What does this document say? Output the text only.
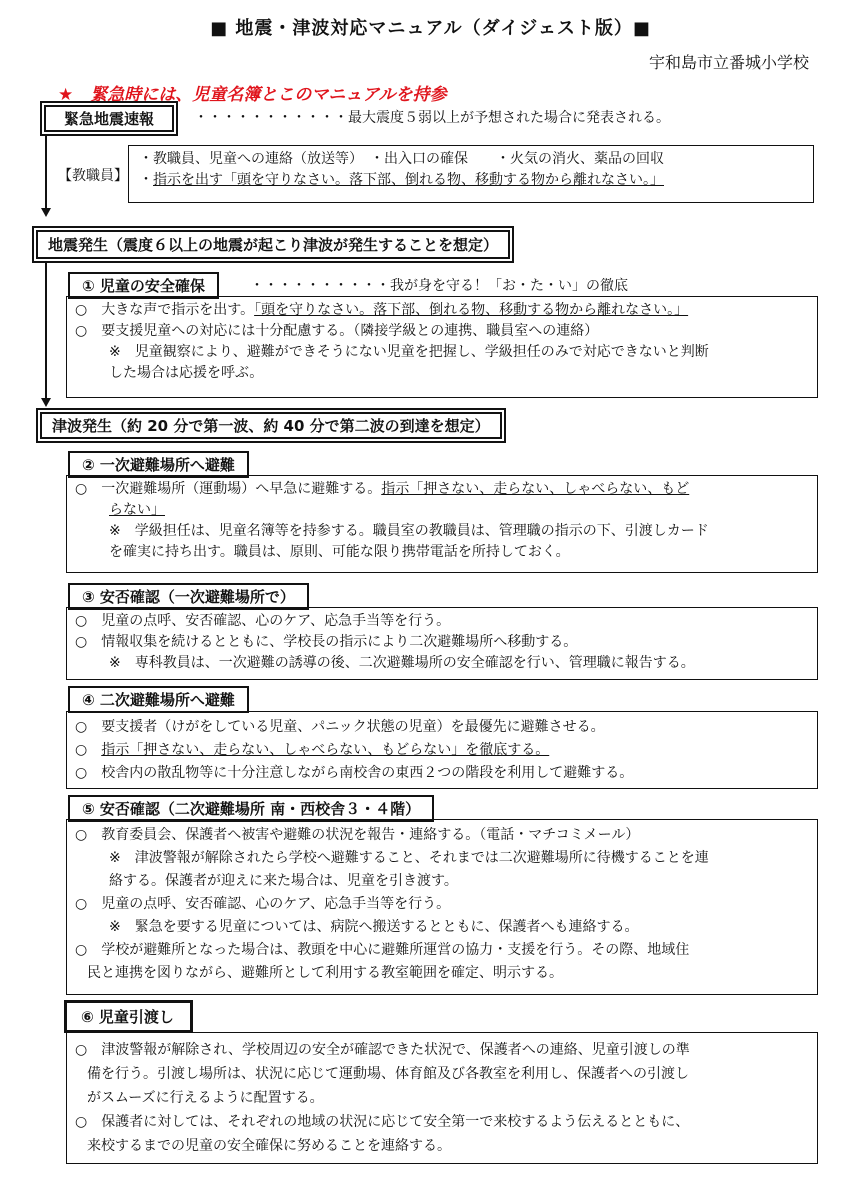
■ 地震・津波対応マニュアル（ダイジェスト版）■
宇和島市立番城小学校
★　緊急時には、児童名簿とこのマニュアルを持参
緊急地震速報	・・・・・・・・・・・最大震度５弱以上が予想された場合に発表される。
【教職員】
・教職員、児童への連絡（放送等）　・出入口の確保　　・火気の消火、薬品の回収
・指示を出す「頭を守りなさい。落下部、倒れる物、移動する物から離れなさい。」
地震発生（震度６以上の地震が起こり津波が発生することを想定）
① 児童の安全確保	・・・・・・・・・・我が身を守る！「お・た・い」の徹底
○　大きな声で指示を出す。「頭を守りなさい。落下部、倒れる物、移動する物から離れなさい。」
○　要支援児童への対応には十分配慮する。（隣接学級との連携、職員室への連絡）
※　児童観察により、避難ができそうにない児童を把握し、学級担任のみで対応できないと判断
した場合は応援を呼ぶ。
津波発生（約 20 分で第一波、約 40 分で第二波の到達を想定）
② 一次避難場所へ避難
○　一次避難場所（運動場）へ早急に避難する。指示「押さない、走らない、しゃべらない、もど
らない」
※　学級担任は、児童名簿等を持参する。職員室の教職員は、管理職の指示の下、引渡しカード
を確実に持ち出す。職員は、原則、可能な限り携帯電話を所持しておく。
③ 安否確認（一次避難場所で）
○　児童の点呼、安否確認、心のケア、応急手当等を行う。
○　情報収集を続けるとともに、学校長の指示により二次避難場所へ移動する。
※　専科教員は、一次避難の誘導の後、二次避難場所の安全確認を行い、管理職に報告する。
④ 二次避難場所へ避難
○　要支援者（けがをしている児童、パニック状態の児童）を最優先に避難させる。
○　指示「押さない、走らない、しゃべらない、もどらない」を徹底する。
○　校舎内の散乱物等に十分注意しながら南校舎の東西２つの階段を利用して避難する。
⑤ 安否確認（二次避難場所 南・西校舎３・４階）
○　教育委員会、保護者へ被害や避難の状況を報告・連絡する。（電話・マチコミメール）
※　津波警報が解除されたら学校へ避難すること、それまでは二次避難場所に待機することを連
絡する。保護者が迎えに来た場合は、児童を引き渡す。
○　児童の点呼、安否確認、心のケア、応急手当等を行う。
※　緊急を要する児童については、病院へ搬送するとともに、保護者へも連絡する。
○　学校が避難所となった場合は、教頭を中心に避難所運営の協力・支援を行う。その際、地域住
民と連携を図りながら、避難所として利用する教室範囲を確定、明示する。
⑥ 児童引渡し
○　津波警報が解除され、学校周辺の安全が確認できた状況で、保護者への連絡、児童引渡しの準
備を行う。引渡し場所は、状況に応じて運動場、体育館及び各教室を利用し、保護者への引渡し
がスムーズに行えるように配置する。
○　保護者に対しては、それぞれの地域の状況に応じて安全第一で来校するよう伝えるとともに、
来校するまでの児童の安全確保に努めることを連絡する。
